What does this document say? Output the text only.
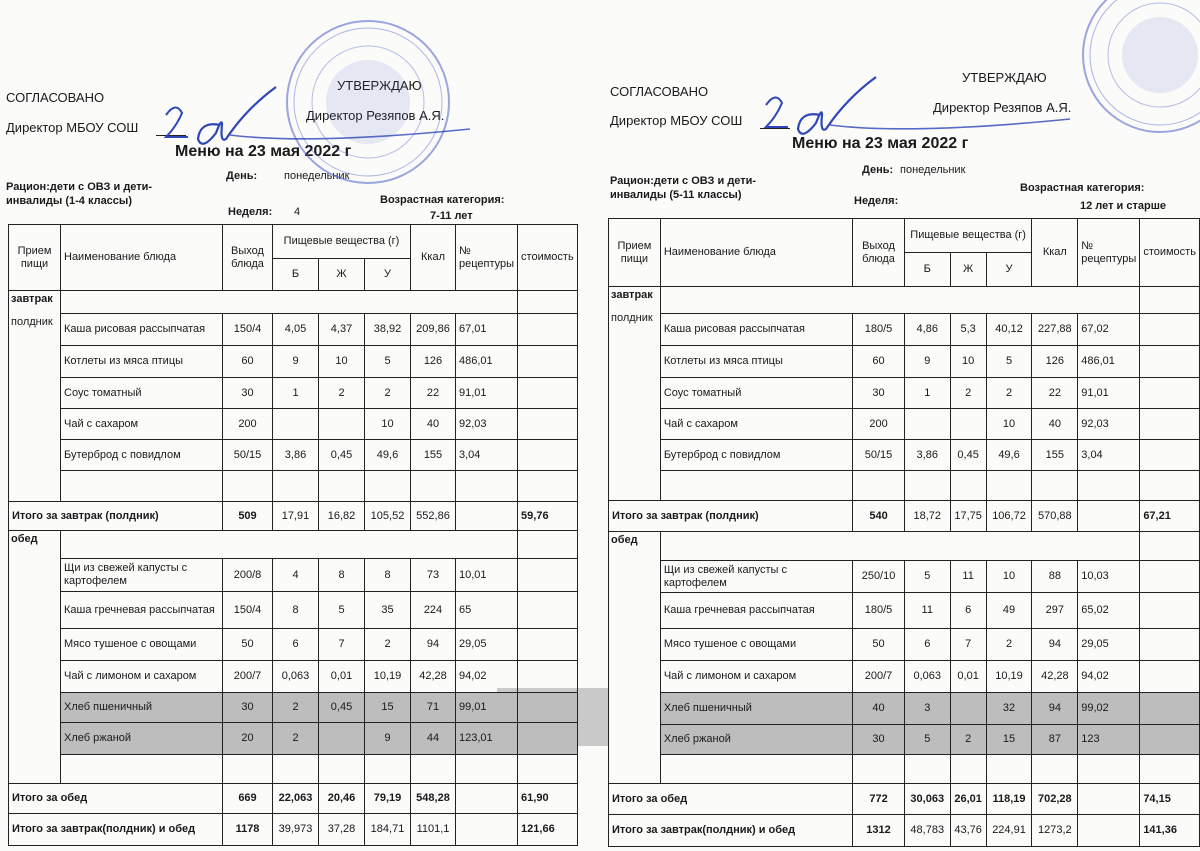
СОГЛАСОВАНО
Директор МБОУ СОШ
УТВЕРЖДАЮ
Директор Резяпов А.Я.
Меню на 23 мая 2022 г
Рацион:дети с ОВЗ и дети-инвалиды (1-4 классы)
День: понедельник
Неделя: 4
Возрастная категория:
7-11 лет
Прием пищи	Наименование блюда	Выход блюда	Пищевые вещества (г)			Ккал	№ рецептуры	стоимость
			Б	Ж	У			

завтрак
полдник								

	Каша рисовая рассыпчатая	150/4	4,05	4,37	38,92	209,86	67,01	
	Котлеты из мяса птицы	60	9	10	5	126	486,01	
	Соус томатный	30	1	2	2	22	91,01	
	Чай с сахаром	200			10	40	92,03	
	Бутерброд с повидлом	50/15	3,86	0,45	49,6	155	3,04	

Итого за завтрак (полдник)		509	17,91	16,82	105,52	552,86		59,76

обед								

	Щи из свежей капусты с картофелем	200/8	4	8	8	73	10,01	
	Каша гречневая рассыпчатая	150/4	8	5	35	224	65	
	Мясо тушеное с овощами	50	6	7	2	94	29,05	
	Чай с лимоном и сахаром	200/7	0,063	0,01	10,19	42,28	94,02	
	Хлеб пшеничный	30	2	0,45	15	71	99,01	
	Хлеб ржаной	20	2		9	44	123,01	

Итого за обед		669	22,063	20,46	79,19	548,28		61,90
Итого за завтрак(полдник) и обед		1178	39,973	37,28	184,71	1101,1		121,66
СОГЛАСОВАНО
Директор МБОУ СОШ
УТВЕРЖДАЮ
Директор Резяпов А.Я.
Меню на 23 мая 2022 г
Рацион:дети с ОВЗ и дети-инвалиды (5-11 классы)
День: понедельник
Неделя:
Возрастная категория:
12 лет и старше
Прием пищи	Наименование блюда	Выход блюда	Пищевые вещества (г)			Ккал	№ рецептуры	стоимость
			Б	Ж	У			

завтрак
полдник								

	Каша рисовая рассыпчатая	180/5	4,86	5,3	40,12	227,88	67,02	
	Котлеты из мяса птицы	60	9	10	5	126	486,01	
	Соус томатный	30	1	2	2	22	91,01	
	Чай с сахаром	200			10	40	92,03	
	Бутерброд с повидлом	50/15	3,86	0,45	49,6	155	3,04	

Итого за завтрак (полдник)		540	18,72	17,75	106,72	570,88		67,21

обед								

	Щи из свежей капусты с картофелем	250/10	5	11	10	88	10,03	
	Каша гречневая рассыпчатая	180/5	11	6	49	297	65,02	
	Мясо тушеное с овощами	50	6	7	2	94	29,05	
	Чай с лимоном и сахаром	200/7	0,063	0,01	10,19	42,28	94,02	
	Хлеб пшеничный	40	3		32	94	99,02	
	Хлеб ржаной	30	5	2	15	87	123	

Итого за обед		772	30,063	26,01	118,19	702,28		74,15
Итого за завтрак(полдник) и обед		1312	48,783	43,76	224,91	1273,2		141,36
